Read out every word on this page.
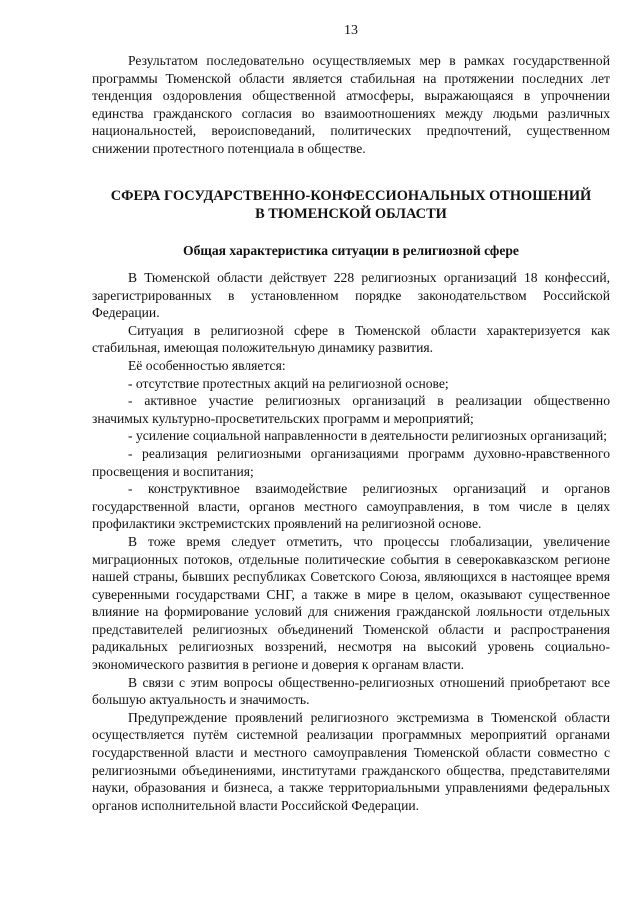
13

Результатом последовательно осуществляемых мер в рамках государственной программы Тюменской области является стабильная на протяжении последних лет тенденция оздоровления общественной атмосферы, выражающаяся в упрочнении единства гражданского согласия во взаимоотношениях между людьми различных национальностей, вероисповеданий, политических предпочтений, существенном снижении протестного потенциала в обществе.

СФЕРА ГОСУДАРСТВЕННО-КОНФЕССИОНАЛЬНЫХ ОТНОШЕНИЙ
В ТЮМЕНСКОЙ ОБЛАСТИ
Общая характеристика ситуации в религиозной сфере

В Тюменской области действует 228 религиозных организаций 18 конфессий, зарегистрированных в установленном порядке законодательством Российской Федерации.

Ситуация в религиозной сфере в Тюменской области характеризуется как стабильная, имеющая положительную динамику развития.

Её особенностью является:

- отсутствие протестных акций на религиозной основе;

- активное участие религиозных организаций в реализации общественно значимых культурно-просветительских программ и мероприятий;

- усиление социальной направленности в деятельности религиозных организаций;

- реализация религиозными организациями программ духовно-нравственного просвещения и воспитания;

- конструктивное взаимодействие религиозных организаций и органов государственной власти, органов местного самоуправления, в том числе в целях профилактики экстремистских проявлений на религиозной основе.

В тоже время следует отметить, что процессы глобализации, увеличение миграционных потоков, отдельные политические события в северокавказском регионе нашей страны, бывших республиках Советского Союза, являющихся в настоящее время суверенными государствами СНГ, а также в мире в целом, оказывают существенное влияние на формирование условий для снижения гражданской лояльности отдельных представителей религиозных объединений Тюменской области и распространения радикальных религиозных воззрений, несмотря на высокий уровень социально-экономического развития в регионе и доверия к органам власти.

В связи с этим вопросы общественно-религиозных отношений приобретают все большую актуальность и значимость.

Предупреждение проявлений религиозного экстремизма в Тюменской области осуществляется путём системной реализации программных мероприятий органами государственной власти и местного самоуправления Тюменской области совместно с религиозными объединениями, институтами гражданского общества, представителями науки, образования и бизнеса, а также территориальными управлениями федеральных органов исполнительной власти Российской Федерации.
